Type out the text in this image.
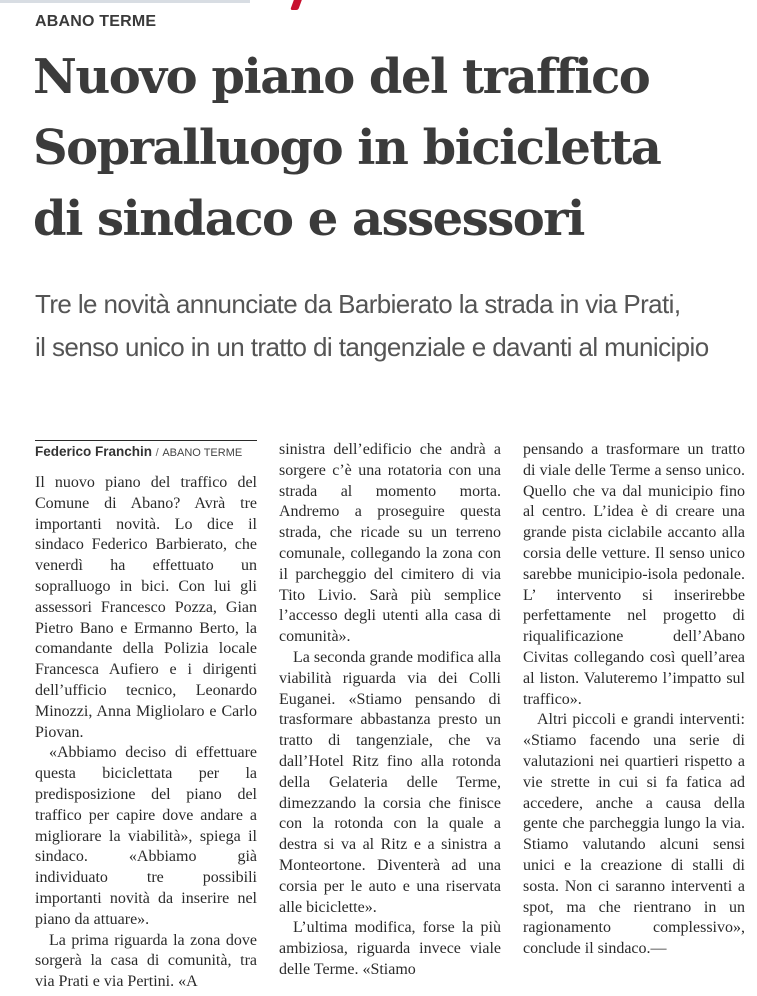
ABANO TERME
Nuovo piano del traffico
Sopralluogo in bicicletta
di sindaco e assessori
Tre le novità annunciate da Barbierato la strada in via Prati,
il senso unico in un tratto di tangenziale e davanti al municipio
Federico Franchin / ABANO TERME

Il nuovo piano del traffico del Comune di Abano? Avrà tre importanti novità. Lo dice il sindaco Federico Barbierato, che venerdì ha effettuato un sopralluogo in bici. Con lui gli assessori Francesco Pozza, Gian Pietro Bano e Ermanno Berto, la comandante della Polizia locale Francesca Aufiero e i dirigenti dell’ufficio tecnico, Leonardo Minozzi, Anna Migliolaro e Carlo Piovan.

«Abbiamo deciso di effettuare questa biciclettata per la predisposizione del piano del traffico per capire dove andare a migliorare la viabilità», spiega il sindaco. «Abbiamo già individuato tre possibili importanti novità da inserire nel piano da attuare».

La prima riguarda la zona dove sorgerà la casa di comunità, tra via Prati e via Pertini. «A

sinistra dell’edificio che andrà a sorgere c’è una rotatoria con una strada al momento morta. Andremo a proseguire questa strada, che ricade su un terreno comunale, collegando la zona con il parcheggio del cimitero di via Tito Livio. Sarà più semplice l’accesso degli utenti alla casa di comunità».

La seconda grande modifica alla viabilità riguarda via dei Colli Euganei. «Stiamo pensando di trasformare abbastanza presto un tratto di tangenziale, che va dall’Hotel Ritz fino alla rotonda della Gelateria delle Terme, dimezzando la corsia che finisce con la rotonda con la quale a destra si va al Ritz e a sinistra a Monteortone. Diventerà ad una corsia per le auto e una riservata alle biciclette».

L’ultima modifica, forse la più ambiziosa, riguarda invece viale delle Terme. «Stiamo

pensando a trasformare un tratto di viale delle Terme a senso unico. Quello che va dal municipio fino al centro. L’idea è di creare una grande pista ciclabile accanto alla corsia delle vetture. Il senso unico sarebbe municipio-isola pedonale. L’ intervento si inserirebbe perfettamente nel progetto di riqualificazione dell’Abano Civitas collegando così quell’area al liston. Valuteremo l’impatto sul traffico».

Altri piccoli e grandi interventi: «Stiamo facendo una serie di valutazioni nei quartieri rispetto a vie strette in cui si fa fatica ad accedere, anche a causa della gente che parcheggia lungo la via. Stiamo valutando alcuni sensi unici e la creazione di stalli di sosta. Non ci saranno interventi a spot, ma che rientrano in un ragionamento complessivo», conclude il sindaco.—
